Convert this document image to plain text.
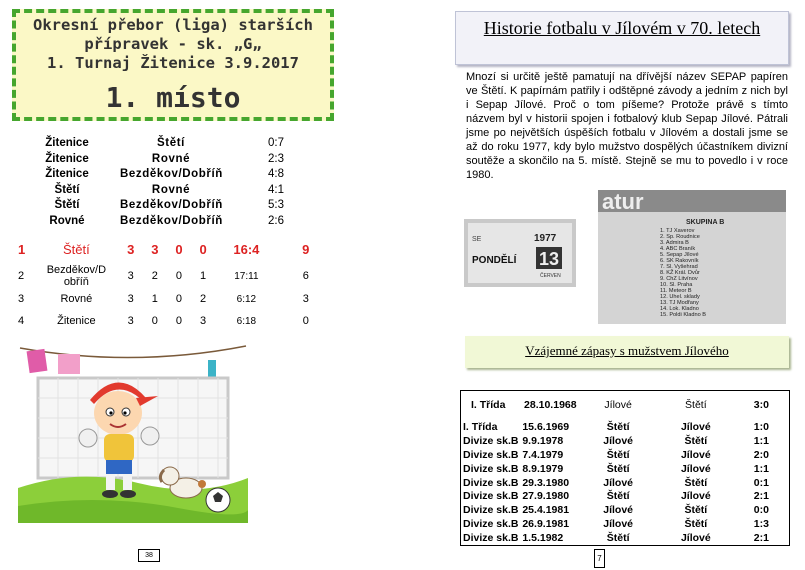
Okresní přebor (liga) starších
přípravek - sk. „G„
1. Turnaj Žitenice 3.9.2017
1. místo
Žitenice	Štětí	0:7
Žitenice	Rovné	2:3
Žitenice	Bezděkov/Dobříň	4:8
Štětí	Rovné	4:1
Štětí	Bezděkov/Dobříň	5:3
Rovné	Bezděkov/Dobříň	2:6
1	Štětí	3	3	0	0	16:4	9
2	Bezděkov/D obříň	3	2	0	1	17:11	6
3	Rovné	3	1	0	2	6:12	3
4	Žitenice	3	0	0	3	6:18	0
38
Historie fotbalu v Jílovém v 70. letech
Mnozí si určitě ještě pamatují na dřívější název SEPAP papíren ve Štětí. K papírnám patřily i odštěpné závody a jedním z nich byl i Sepap Jílové. Proč o tom píšeme? Protože právě s tímto názvem byl v historii spojen i fotbalový klub Sepap Jílové. Pátrali jsme po největších úspěších fotbalu v Jílovém a dostali jsme se až do roku 1977, kdy bylo mužstvo dospělých účastníkem divizní soutěže a skončilo na 5. místě. Stejně se mu to povedlo i v roce 1980.
SE	1977
13
PONDĚLÍ
ČERVEN
atur
SKUPINA B
1. TJ Xaverov
2. Sp. Roudnice
3. Admira B
4. ABC Braník
5. Sepap Jílové
6. SK Rakovník
7. Sl. Vyšehrad
8. KŽ Král. Dvůr
9. ChZ Litvínov
10. Sl. Praha
11. Meteor B
12. Uhel. sklady
13. TJ Modřany
14. Lok. Kladno
15. Poldi Kladno B
Vzájemné zápasy s mužstvem Jílového
I. Třída	28.10.1968	Jílové	Štětí	3:0
I. Třída	15.6.1969	Štětí	Jílové	1:0
Divize sk.B	9.9.1978	Jílové	Štětí	1:1
Divize sk.B	7.4.1979	Štětí	Jílové	2:0
Divize sk.B	8.9.1979	Štětí	Jílové	1:1
Divize sk.B	29.3.1980	Jílové	Štětí	0:1
Divize sk.B	27.9.1980	Štětí	Jílové	2:1
Divize sk.B	25.4.1981	Jílové	Štětí	0:0
Divize sk.B	26.9.1981	Jílové	Štětí	1:3
Divize sk.B	1.5.1982	Štětí	Jílové	2:1
7
